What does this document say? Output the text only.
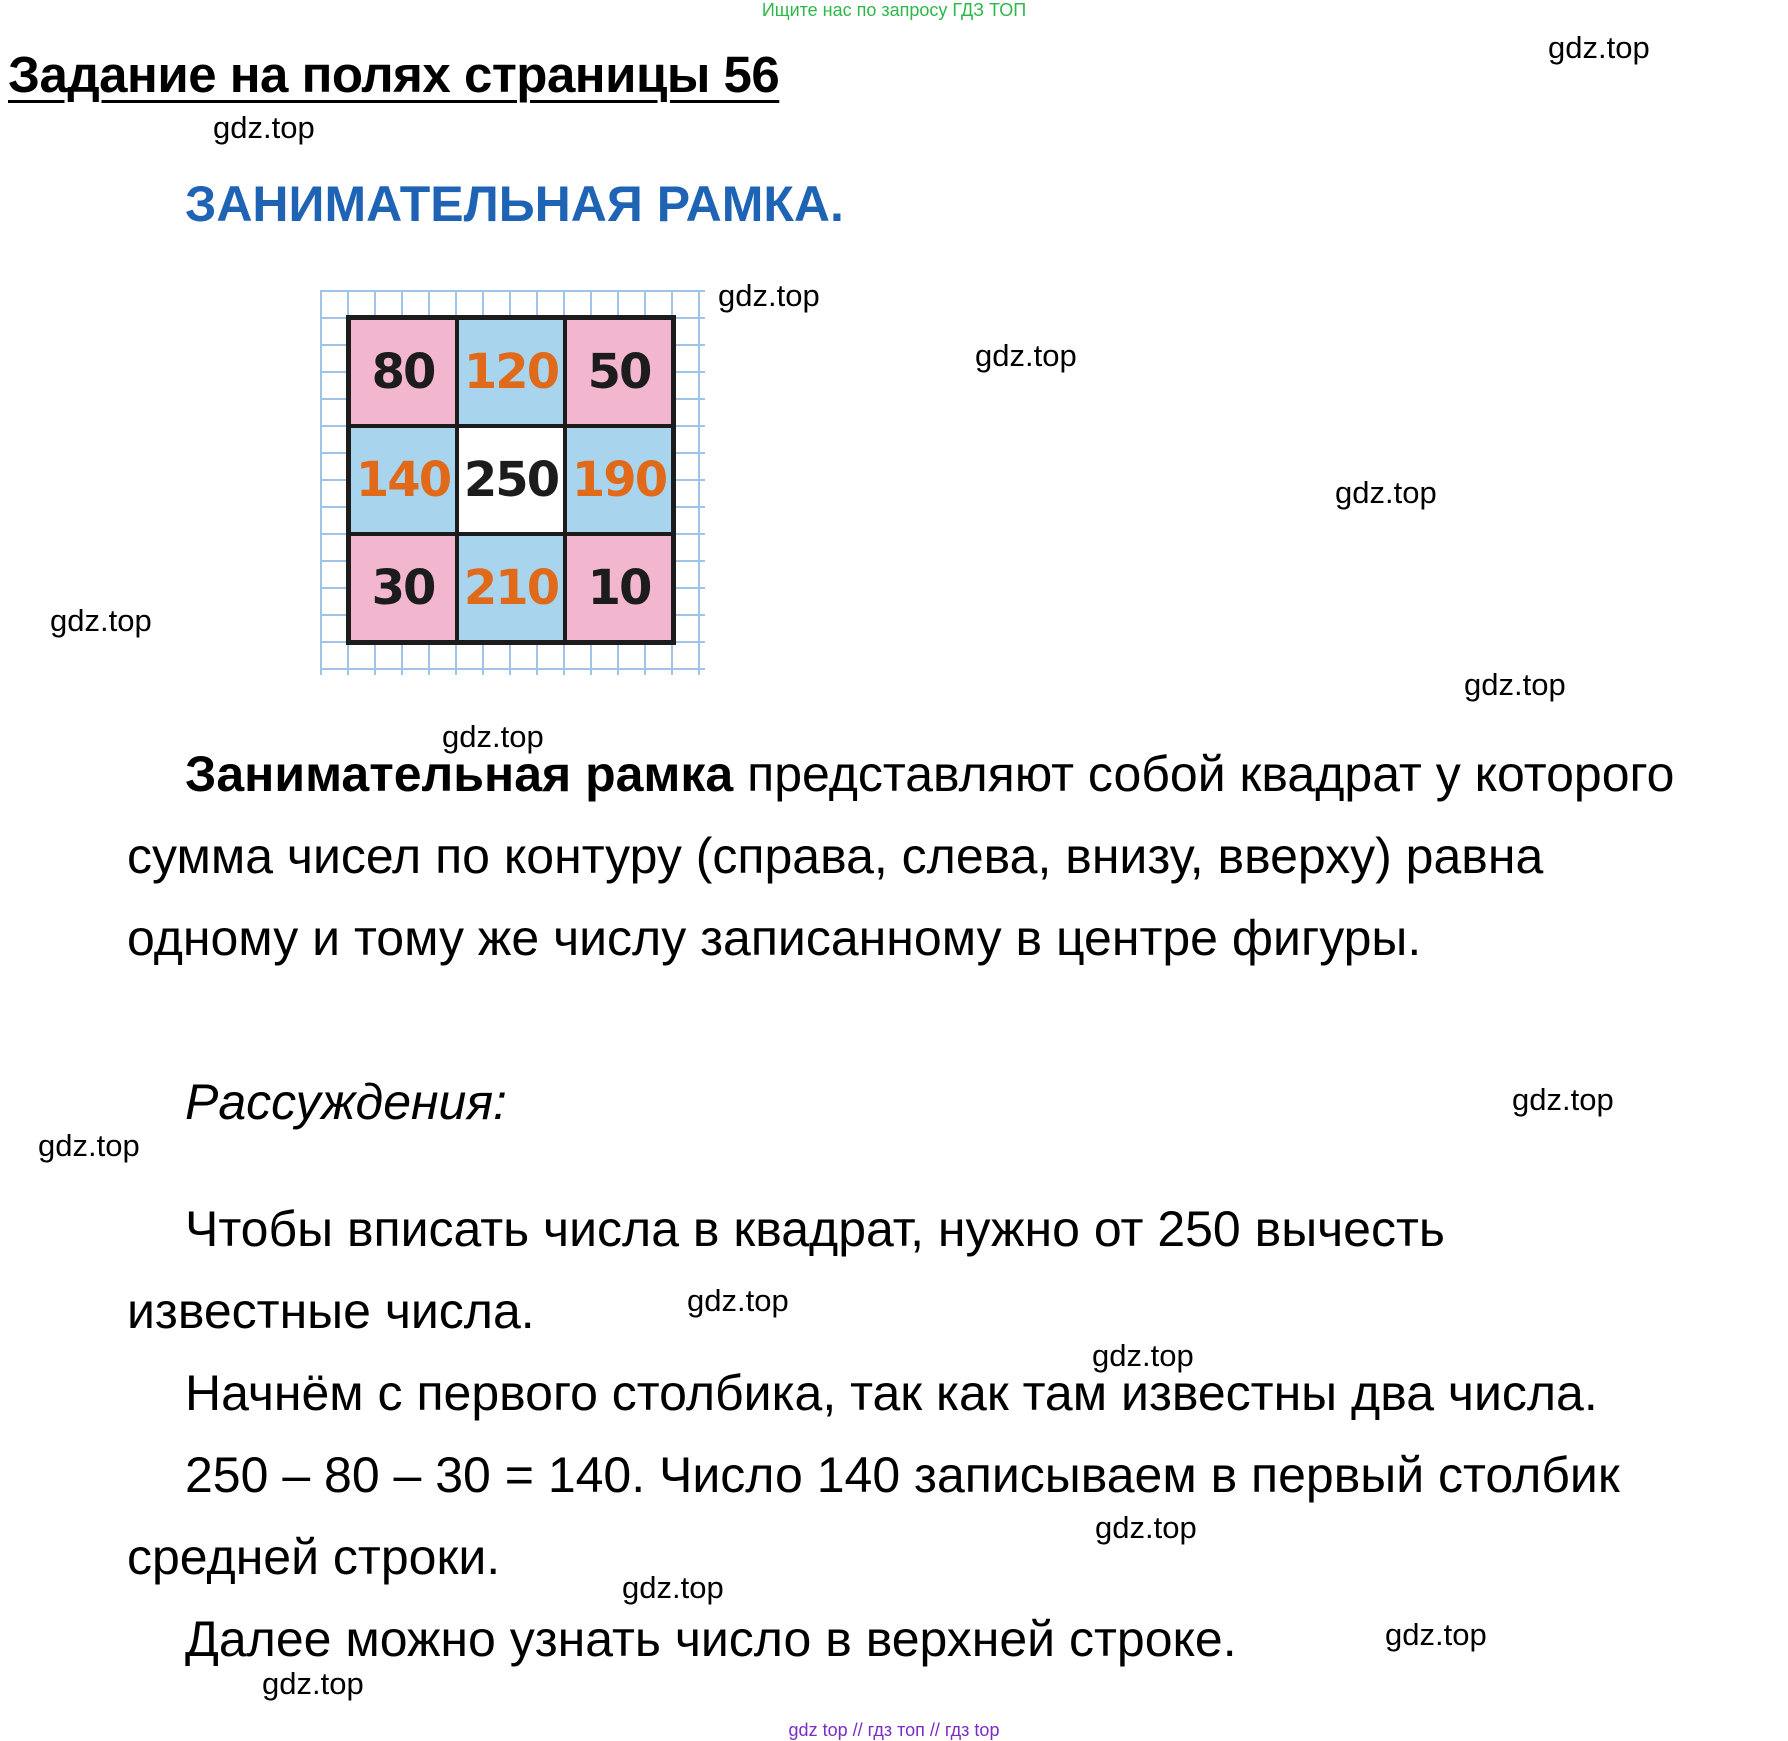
Ищите нас по запросу ГДЗ ТОП
Задание на полях страницы 56
ЗАНИМАТЕЛЬНАЯ РАМКА.
gdz.top
gdz.top
gdz.top
gdz.top
gdz.top
gdz.top
gdz.top
gdz.top
gdz.top
gdz.top
gdz.top
gdz.top
gdz.top
gdz.top
gdz.top
gdz.top
80 120 50
140 250 190
30 210 10
Занимательная рамка представляют собой квадрат у которого
сумма чисел по контуру (справа, слева, внизу, вверху) равна
одному и тому же числу записанному в центре фигуры.
Рассуждения:
Чтобы вписать числа в квадрат, нужно от 250 вычесть
известные числа.
Начнём с первого столбика, так как там известны два числа.
250 – 80 – 30 = 140. Число 140 записываем в первый столбик
средней строки.
Далее можно узнать число в верхней строке.
gdz top // гдз топ // гдз top
